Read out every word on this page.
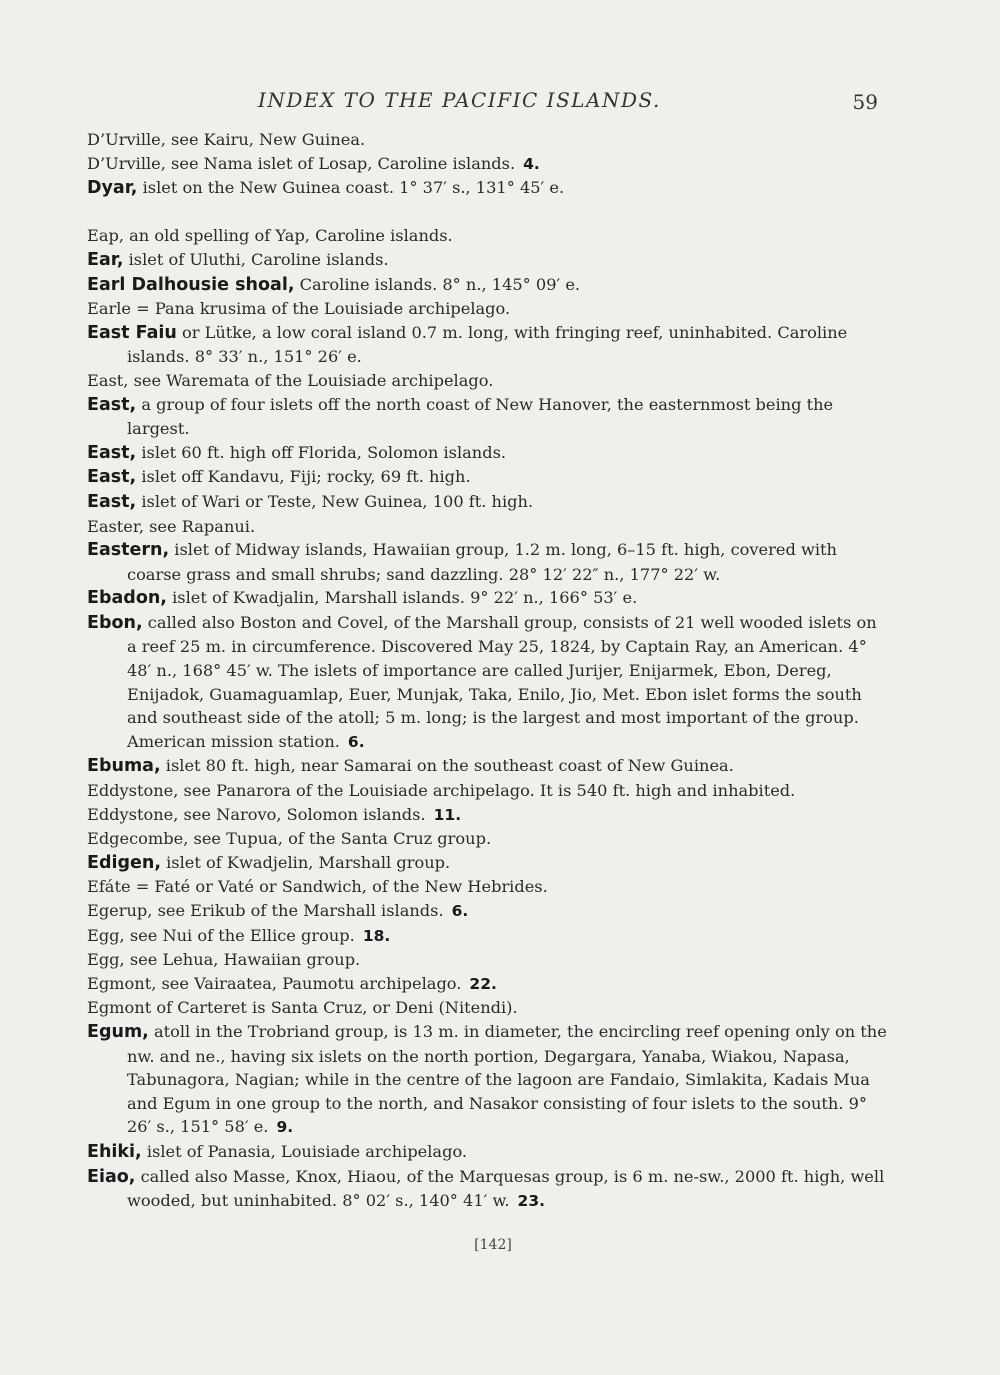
INDEX TO THE PACIFIC ISLANDS.	59

D’Urville, see Kairu, New Guinea.

D’Urville, see Nama islet of Losap, Caroline islands. 4.

Dyar, islet on the New Guinea coast. 1° 37′ s., 131° 45′ e.

Eap, an old spelling of Yap, Caroline islands.

Ear, islet of Uluthi, Caroline islands.

Earl Dalhousie shoal, Caroline islands. 8° n., 145° 09′ e.

Earle = Pana krusima of the Louisiade archipelago.

East Faiu or Lütke, a low coral island 0.7 m. long, with fringing reef, uninhabited. Caroline islands. 8° 33′ n., 151° 26′ e.

East, see Waremata of the Louisiade archipelago.

East, a group of four islets off the north coast of New Hanover, the easternmost being the largest.

East, islet 60 ft. high off Florida, Solomon islands.

East, islet off Kandavu, Fiji; rocky, 69 ft. high.

East, islet of Wari or Teste, New Guinea, 100 ft. high.

Easter, see Rapanui.

Eastern, islet of Midway islands, Hawaiian group, 1.2 m. long, 6–15 ft. high, covered with coarse grass and small shrubs; sand dazzling. 28° 12′ 22″ n., 177° 22′ w.

Ebadon, islet of Kwadjalin, Marshall islands. 9° 22′ n., 166° 53′ e.

Ebon, called also Boston and Covel, of the Marshall group, consists of 21 well wooded islets on a reef 25 m. in circumference. Discovered May 25, 1824, by Captain Ray, an American. 4° 48′ n., 168° 45′ w. The islets of importance are called Jurijer, Enijarmek, Ebon, Dereg, Enijadok, Guamaguamlap, Euer, Munjak, Taka, Enilo, Jio, Met. Ebon islet forms the south and southeast side of the atoll; 5 m. long; is the largest and most important of the group. American mission station. 6.

Ebuma, islet 80 ft. high, near Samarai on the southeast coast of New Guinea.

Eddystone, see Panarora of the Louisiade archipelago. It is 540 ft. high and inhabited.

Eddystone, see Narovo, Solomon islands. 11.

Edgecombe, see Tupua, of the Santa Cruz group.

Edigen, islet of Kwadjelin, Marshall group.

Efáte = Faté or Vaté or Sandwich, of the New Hebrides.

Egerup, see Erikub of the Marshall islands. 6.

Egg, see Nui of the Ellice group. 18.

Egg, see Lehua, Hawaiian group.

Egmont, see Vairaatea, Paumotu archipelago. 22.

Egmont of Carteret is Santa Cruz, or Deni (Nitendi).

Egum, atoll in the Trobriand group, is 13 m. in diameter, the encircling reef opening only on the nw. and ne., having six islets on the north portion, Degargara, Yanaba, Wiakou, Napasa, Tabunagora, Nagian; while in the centre of the lagoon are Fandaio, Simlakita, Kadais Mua and Egum in one group to the north, and Nasakor consisting of four islets to the south. 9° 26′ s., 151° 58′ e. 9.

Ehiki, islet of Panasia, Louisiade archipelago.

Eiao, called also Masse, Knox, Hiaou, of the Marquesas group, is 6 m. ne-sw., 2000 ft. high, well wooded, but uninhabited. 8° 02′ s., 140° 41′ w. 23.

[142]
